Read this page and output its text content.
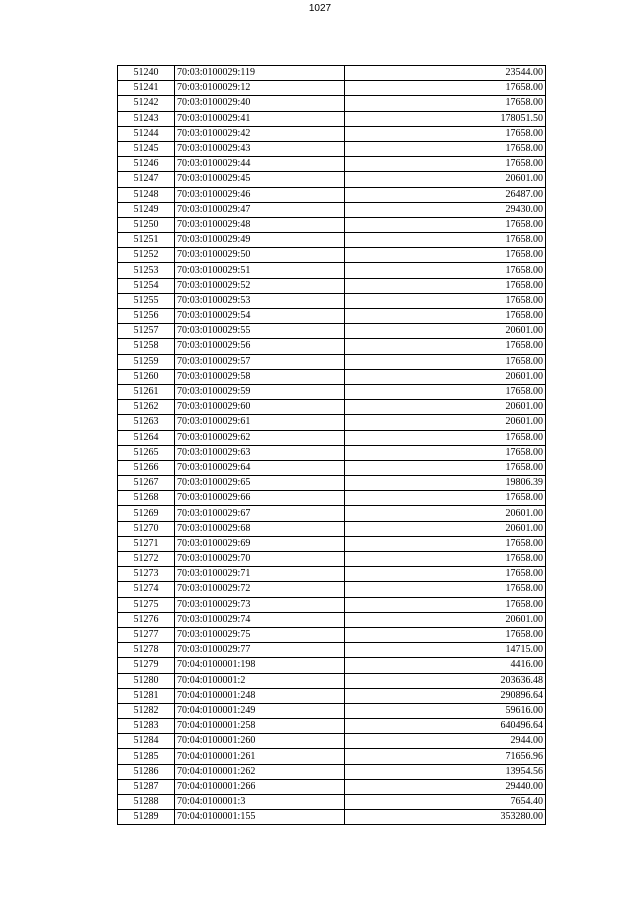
1027
51240	70:03:0100029:119	23544.00
51241	70:03:0100029:12	17658.00
51242	70:03:0100029:40	17658.00
51243	70:03:0100029:41	178051.50
51244	70:03:0100029:42	17658.00
51245	70:03:0100029:43	17658.00
51246	70:03:0100029:44	17658.00
51247	70:03:0100029:45	20601.00
51248	70:03:0100029:46	26487.00
51249	70:03:0100029:47	29430.00
51250	70:03:0100029:48	17658.00
51251	70:03:0100029:49	17658.00
51252	70:03:0100029:50	17658.00
51253	70:03:0100029:51	17658.00
51254	70:03:0100029:52	17658.00
51255	70:03:0100029:53	17658.00
51256	70:03:0100029:54	17658.00
51257	70:03:0100029:55	20601.00
51258	70:03:0100029:56	17658.00
51259	70:03:0100029:57	17658.00
51260	70:03:0100029:58	20601.00
51261	70:03:0100029:59	17658.00
51262	70:03:0100029:60	20601.00
51263	70:03:0100029:61	20601.00
51264	70:03:0100029:62	17658.00
51265	70:03:0100029:63	17658.00
51266	70:03:0100029:64	17658.00
51267	70:03:0100029:65	19806.39
51268	70:03:0100029:66	17658.00
51269	70:03:0100029:67	20601.00
51270	70:03:0100029:68	20601.00
51271	70:03:0100029:69	17658.00
51272	70:03:0100029:70	17658.00
51273	70:03:0100029:71	17658.00
51274	70:03:0100029:72	17658.00
51275	70:03:0100029:73	17658.00
51276	70:03:0100029:74	20601.00
51277	70:03:0100029:75	17658.00
51278	70:03:0100029:77	14715.00
51279	70:04:0100001:198	4416.00
51280	70:04:0100001:2	203636.48
51281	70:04:0100001:248	290896.64
51282	70:04:0100001:249	59616.00
51283	70:04:0100001:258	640496.64
51284	70:04:0100001:260	2944.00
51285	70:04:0100001:261	71656.96
51286	70:04:0100001:262	13954.56
51287	70:04:0100001:266	29440.00
51288	70:04:0100001:3	7654.40
51289	70:04:0100001:155	353280.00
